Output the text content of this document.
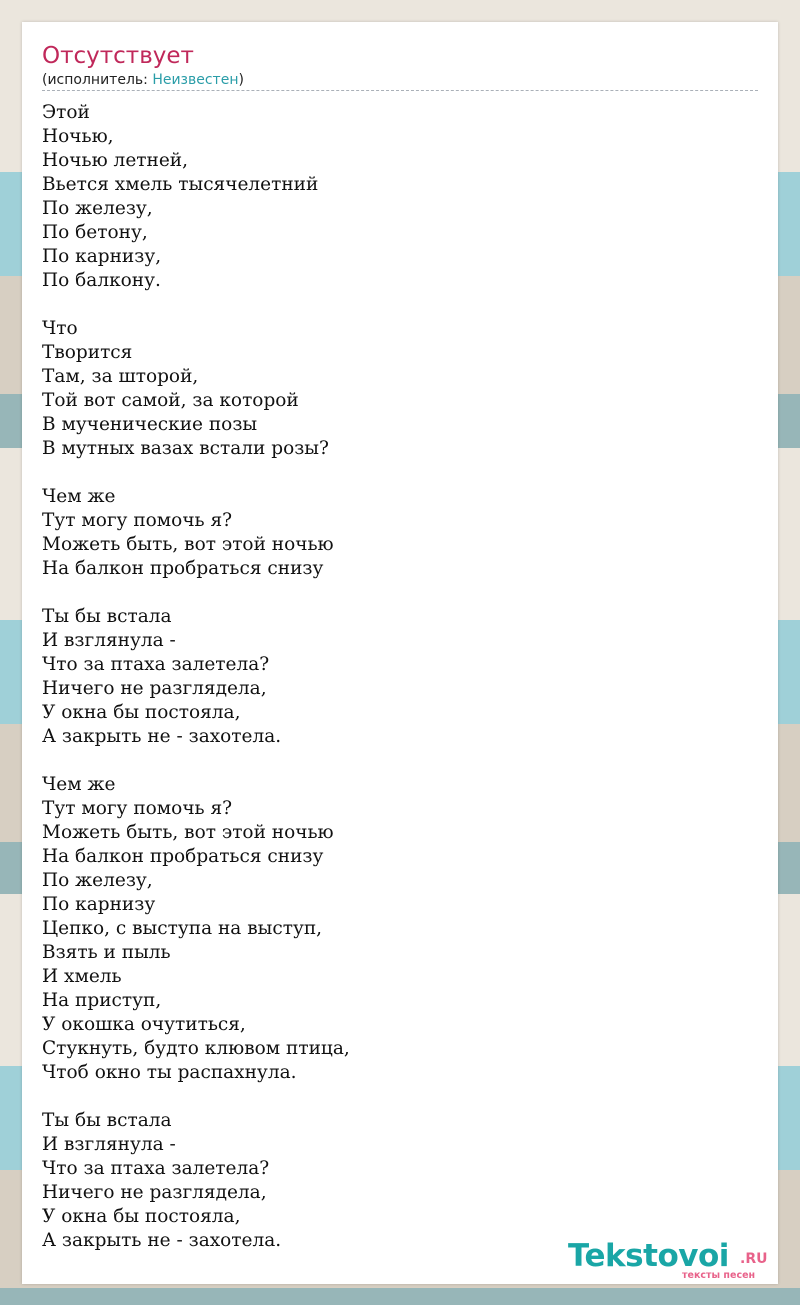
Отсутствует
(исполнитель: Неизвестен)
Этой
Ночью,
Ночью летней,
Вьется хмель тысячелетний
По железу,
По бетону,
По карнизу,
По балкону.
Что
Творится
Там, за шторой,
Той вот самой, за которой
В мученические позы
В мутных вазах встали розы?
Чем же
Тут могу помочь я?
Можеть быть, вот этой ночью
На балкон пробраться снизу
Ты бы встала
И взглянула -
Что за птаха залетела?
Ничего не разглядела,
У окна бы постояла,
А закрыть не - захотела.
Чем же
Тут могу помочь я?
Можеть быть, вот этой ночью
На балкон пробраться снизу
По железу,
По карнизу
Цепко, с выступа на выступ,
Взять и пыль
И хмель
На приступ,
У окошка очутиться,
Стукнуть, будто клювом птица,
Чтоб окно ты распахнула.
Ты бы встала
И взглянула -
Что за птаха залетела?
Ничего не разглядела,
У окна бы постояла,
А закрыть не - захотела.	Tekstovoi .RU
тексты песен
